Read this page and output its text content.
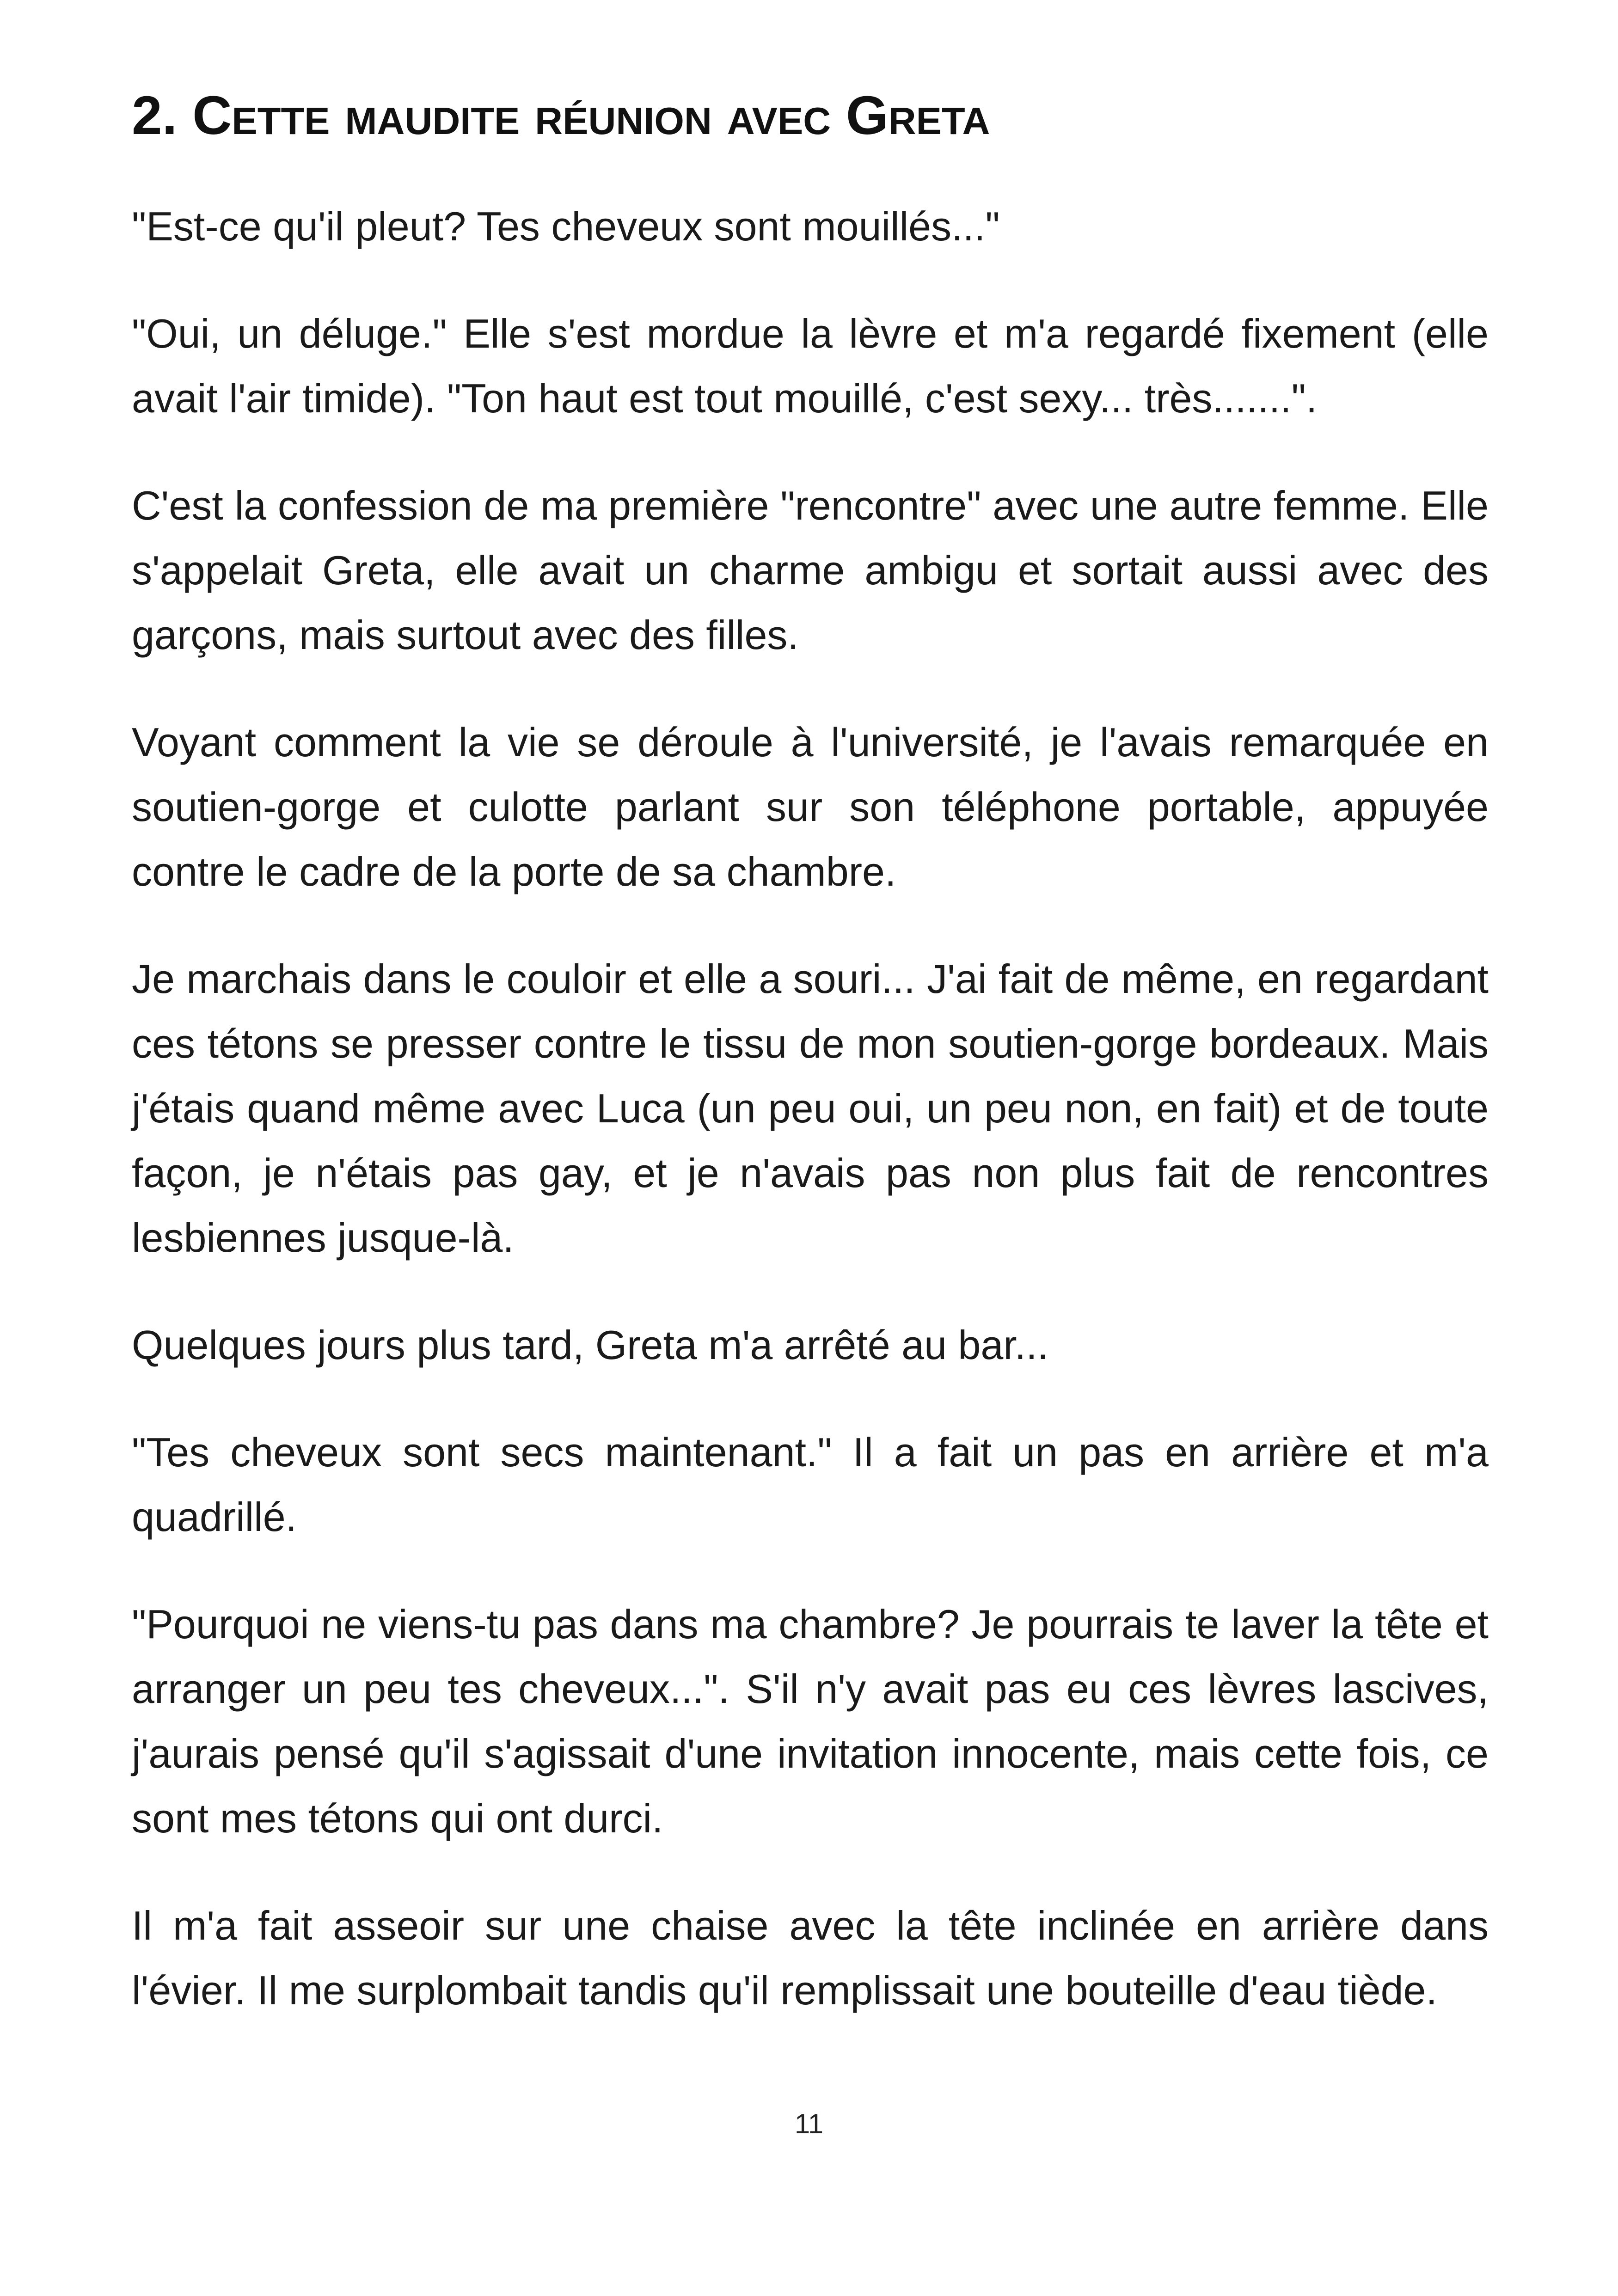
2. Cette maudite réunion avec Greta

"Est-ce qu'il pleut? Tes cheveux sont mouillés..."

"Oui, un déluge." Elle s'est mordue la lèvre et m'a regardé fixement (elle avait l'air timide). "Ton haut est tout mouillé, c'est sexy... très.......".

C'est la confession de ma première "rencontre" avec une autre femme. Elle s'appelait Greta, elle avait un charme ambigu et sortait aussi avec des garçons, mais surtout avec des filles.

Voyant comment la vie se déroule à l'université, je l'avais remarquée en soutien-gorge et culotte parlant sur son téléphone portable, appuyée contre le cadre de la porte de sa chambre.

Je marchais dans le couloir et elle a souri... J'ai fait de même, en regardant ces tétons se presser contre le tissu de mon soutien-gorge bordeaux. Mais j'étais quand même avec Luca (un peu oui, un peu non, en fait) et de toute façon, je n'étais pas gay, et je n'avais pas non plus fait de rencontres lesbiennes jusque-là.

Quelques jours plus tard, Greta m'a arrêté au bar...

"Tes cheveux sont secs maintenant." Il a fait un pas en arrière et m'a quadrillé.

"Pourquoi ne viens-tu pas dans ma chambre? Je pourrais te laver la tête et arranger un peu tes cheveux...". S'il n'y avait pas eu ces lèvres lascives, j'aurais pensé qu'il s'agissait d'une invitation innocente, mais cette fois, ce sont mes tétons qui ont durci.

Il m'a fait asseoir sur une chaise avec la tête inclinée en arrière dans l'évier. Il me surplombait tandis qu'il remplissait une bouteille d'eau tiède.

11
